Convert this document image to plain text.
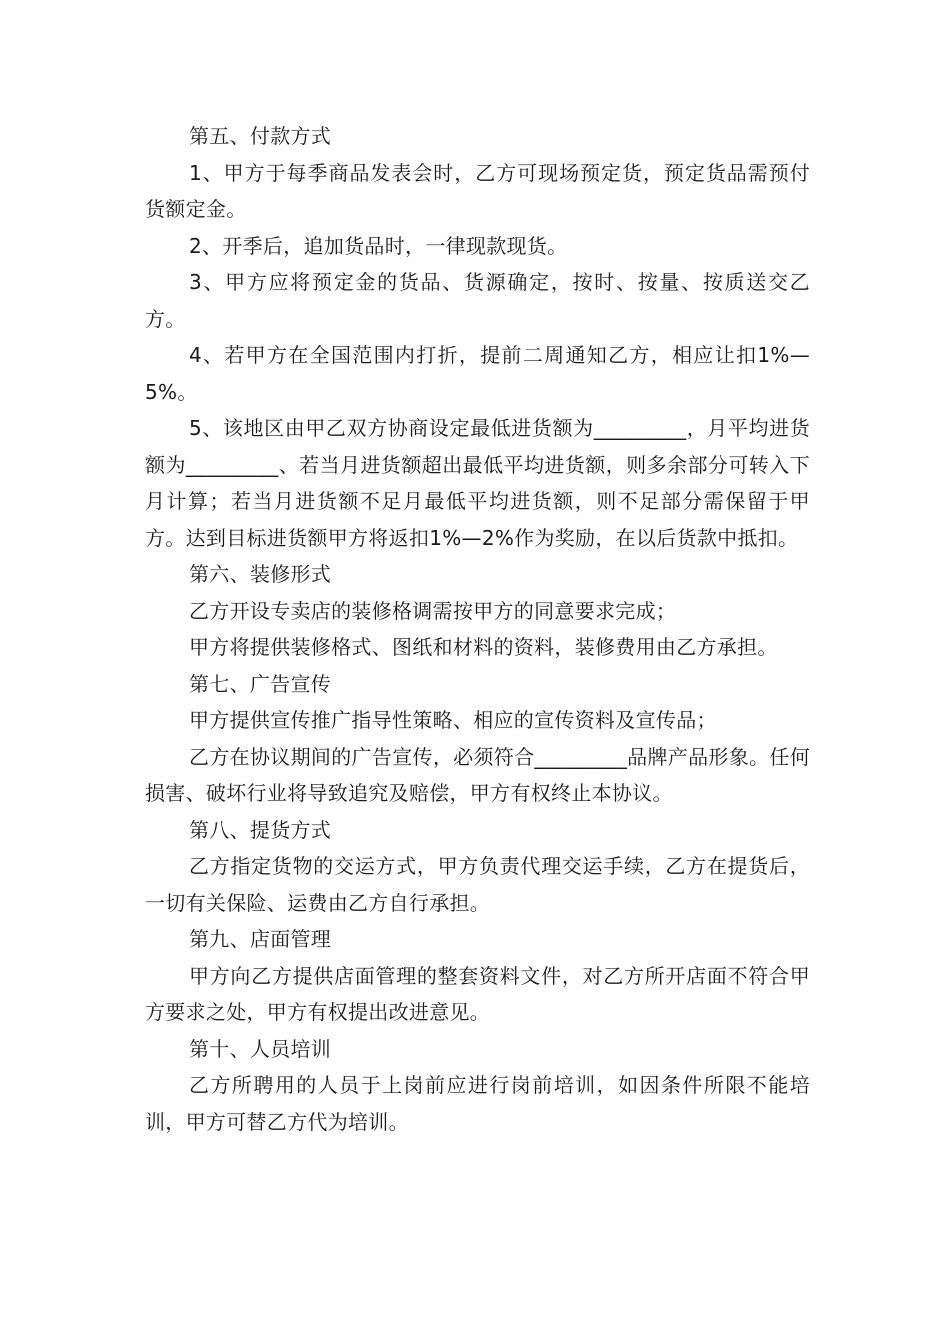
第五、付款方式

1、甲方于每季商品发表会时，乙方可现场预定货，预定货品需预付货额定金。

2、开季后，追加货品时，一律现款现货。

3、甲方应将预定金的货品、货源确定，按时、按量、按质送交乙方。

4、若甲方在全国范围内打折，提前二周通知乙方，相应让扣1%—5%。

5、该地区由甲乙双方协商设定最低进货额为_________，月平均进货额为_________、若当月进货额超出最低平均进货额，则多余部分可转入下月计算；若当月进货额不足月最低平均进货额，则不足部分需保留于甲方。达到目标进货额甲方将返扣1%—2%作为奖励，在以后货款中抵扣。

第六、装修形式

乙方开设专卖店的装修格调需按甲方的同意要求完成；

甲方将提供装修格式、图纸和材料的资料，装修费用由乙方承担。

第七、广告宣传

甲方提供宣传推广指导性策略、相应的宣传资料及宣传品；

乙方在协议期间的广告宣传，必须符合_________品牌产品形象。任何损害、破坏行业将导致追究及赔偿，甲方有权终止本协议。

第八、提货方式

乙方指定货物的交运方式，甲方负责代理交运手续，乙方在提货后，一切有关保险、运费由乙方自行承担。

第九、店面管理

甲方向乙方提供店面管理的整套资料文件，对乙方所开店面不符合甲方要求之处，甲方有权提出改进意见。

第十、人员培训

乙方所聘用的人员于上岗前应进行岗前培训，如因条件所限不能培训，甲方可替乙方代为培训。
